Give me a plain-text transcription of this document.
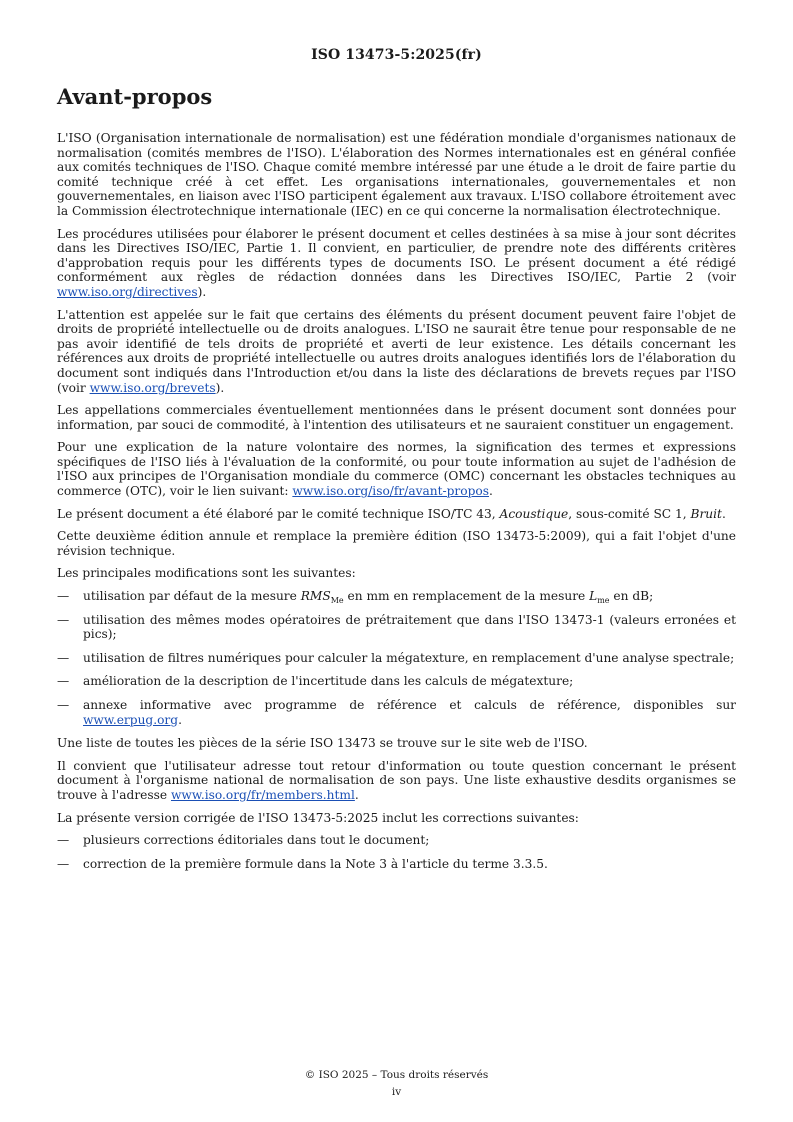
ISO 13473-5:2025(fr)
Avant-propos

L'ISO (Organisation internationale de normalisation) est une fédération mondiale d'organismes nationaux de normalisation (comités membres de l'ISO). L'élaboration des Normes internationales est en général confiée aux comités techniques de l'ISO. Chaque comité membre intéressé par une étude a le droit de faire partie du comité technique créé à cet effet. Les organisations internationales, gouvernementales et non gouvernementales, en liaison avec l'ISO participent également aux travaux. L'ISO collabore étroitement avec la Commission électrotechnique internationale (IEC) en ce qui concerne la normalisation électrotechnique.

Les procédures utilisées pour élaborer le présent document et celles destinées à sa mise à jour sont décrites dans les Directives ISO/IEC, Partie 1. Il convient, en particulier, de prendre note des différents critères d'approbation requis pour les différents types de documents ISO. Le présent document a été rédigé conformément aux règles de rédaction données dans les Directives ISO/IEC, Partie 2 (voir www.iso.org/directives).

L'attention est appelée sur le fait que certains des éléments du présent document peuvent faire l'objet de droits de propriété intellectuelle ou de droits analogues. L'ISO ne saurait être tenue pour responsable de ne pas avoir identifié de tels droits de propriété et averti de leur existence. Les détails concernant les références aux droits de propriété intellectuelle ou autres droits analogues identifiés lors de l'élaboration du document sont indiqués dans l'Introduction et/ou dans la liste des déclarations de brevets reçues par l'ISO (voir www.iso.org/brevets).

Les appellations commerciales éventuellement mentionnées dans le présent document sont données pour information, par souci de commodité, à l'intention des utilisateurs et ne sauraient constituer un engagement.

Pour une explication de la nature volontaire des normes, la signification des termes et expressions spécifiques de l'ISO liés à l'évaluation de la conformité, ou pour toute information au sujet de l'adhésion de l'ISO aux principes de l'Organisation mondiale du commerce (OMC) concernant les obstacles techniques au commerce (OTC), voir le lien suivant: www.iso.org/iso/fr/avant-propos.

Le présent document a été élaboré par le comité technique ISO/TC 43, Acoustique, sous-comité SC 1, Bruit.

Cette deuxième édition annule et remplace la première édition (ISO 13473-5:2009), qui a fait l'objet d'une révision technique.

Les principales modifications sont les suivantes:

— utilisation par défaut de la mesure $RMS_{Me}$ en mm en remplacement de la mesure $L_{me}$ en dB;
— utilisation des mêmes modes opératoires de prétraitement que dans l'ISO 13473-1 (valeurs erronées et pics);
— utilisation de filtres numériques pour calculer la mégatexture, en remplacement d'une analyse spectrale;
— amélioration de la description de l'incertitude dans les calculs de mégatexture;
— annexe informative avec programme de référence et calculs de référence, disponibles sur www.erpug.org.

Une liste de toutes les pièces de la série ISO 13473 se trouve sur le site web de l'ISO.

Il convient que l'utilisateur adresse tout retour d'information ou toute question concernant le présent document à l'organisme national de normalisation de son pays. Une liste exhaustive desdits organismes se trouve à l'adresse www.iso.org/fr/members.html.

La présente version corrigée de l'ISO 13473-5:2025 inclut les corrections suivantes:

— plusieurs corrections éditoriales dans tout le document;
— correction de la première formule dans la Note 3 à l'article du terme 3.3.5.
© ISO 2025 – Tous droits réservés
iv
